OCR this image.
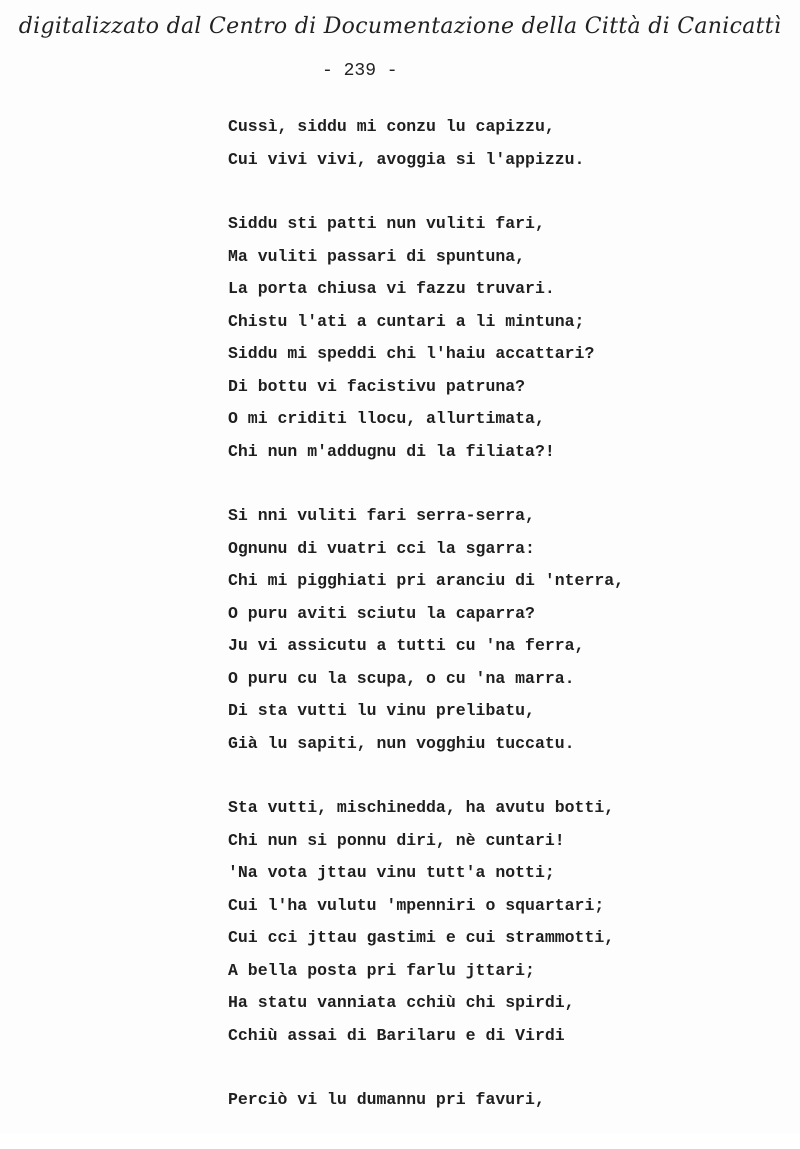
digitalizzato dal Centro di Documentazione della Città di Canicattì
- 239 -
Cussì, siddu mi conzu lu capizzu,
Cui vivi vivi, avoggia si l'appizzu.
Siddu sti patti nun vuliti fari,
Ma vuliti passari di spuntuna,
La porta chiusa vi fazzu truvari.
Chistu l'ati a cuntari a li mintuna;
Siddu mi speddi chi l'haiu accattari?
Di bottu vi facistivu patruna?
O mi criditi llocu, allurtimata,
Chi nun m'addugnu di la filiata?!
Si nni vuliti fari serra-serra,
Ognunu di vuatri cci la sgarra:
Chi mi pigghiati pri aranciu di 'nterra,
O puru aviti sciutu la caparra?
Ju vi assicutu a tutti cu 'na ferra,
O puru cu la scupa, o cu 'na marra.
Di sta vutti lu vinu prelibatu,
Già lu sapiti, nun vogghiu tuccatu.
Sta vutti, mischinedda, ha avutu botti,
Chi nun si ponnu diri, nè cuntari!
'Na vota jttau vinu tutt'a notti;
Cui l'ha vulutu 'mpenniri o squartari;
Cui cci jttau gastimi e cui strammotti,
A bella posta pri farlu jttari;
Ha statu vanniata cchiù chi spirdi,
Cchiù assai di Barilaru e di Virdi
Perciò vi lu dumannu pri favuri,
